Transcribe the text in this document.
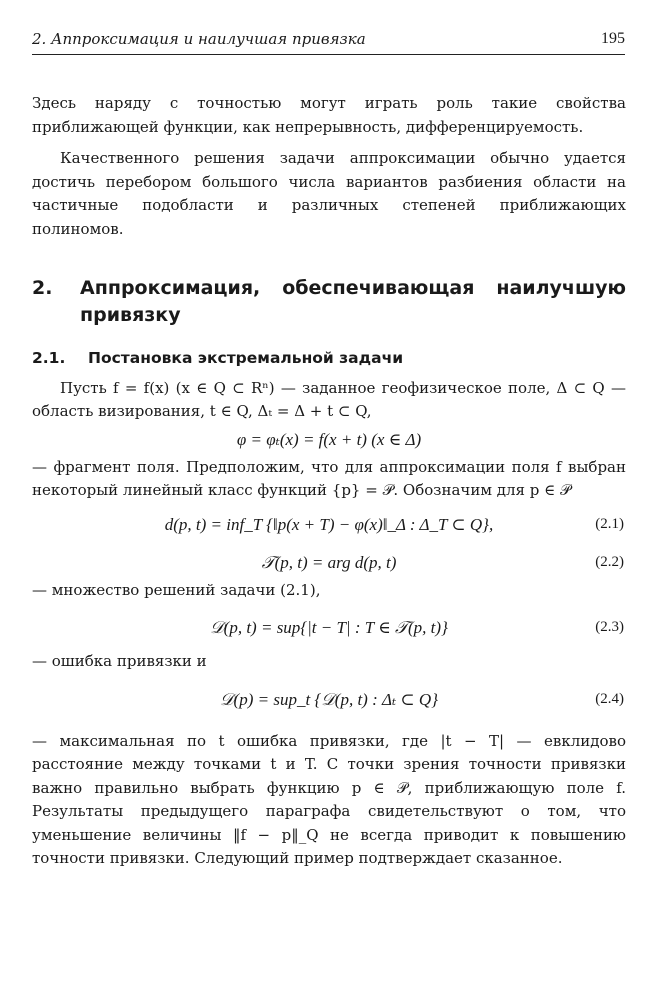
2. Аппроксимация и наилучшая привязка	195

Здесь наряду с точностью могут играть роль такие свойства приближающей функции, как непрерывность, дифференцируемость.

Качественного решения задачи аппроксимации обычно удается достичь перебором большого числа вариантов разбиения области на частичные подобласти и различных степеней приближающих полиномов.

2.	Аппроксимация, обеспечивающая наилучшую привязку
2.1.	Постановка экстремальной задачи

Пусть f = f(x) (x ∈ Q ⊂ Rⁿ) — заданное геофизическое поле, Δ ⊂ Q — область визирования, t ∈ Q, Δₜ = Δ + t ⊂ Q,

φ = φₜ(x) = f(x + t) (x ∈ Δ)

— фрагмент поля. Предположим, что для аппроксимации поля f выбран некоторый линейный класс функций {p} = 𝒫. Обозначим для p ∈ 𝒫

d(p, t) = inf_T {‖p(x + T) − φ(x)‖_Δ : Δ_T ⊂ Q},	(2.1)
𝒯(p, t) = arg d(p, t)	(2.2)

— множество решений задачи (2.1),

𝒟(p, t) = sup{|t − T| : T ∈ 𝒯(p, t)}	(2.3)

— ошибка привязки и

𝒟(p) = sup_t {𝒟(p, t) : Δₜ ⊂ Q}	(2.4)

— максимальная по t ошибка привязки, где |t − T| — евклидово расстояние между точками t и T. С точки зрения точности привязки важно правильно выбрать функцию p ∈ 𝒫, приближающую поле f. Результаты предыдущего параграфа свидетельствуют о том, что уменьшение величины ‖f − p‖_Q не всегда приводит к повышению точности привязки. Следующий пример подтверждает сказанное.
